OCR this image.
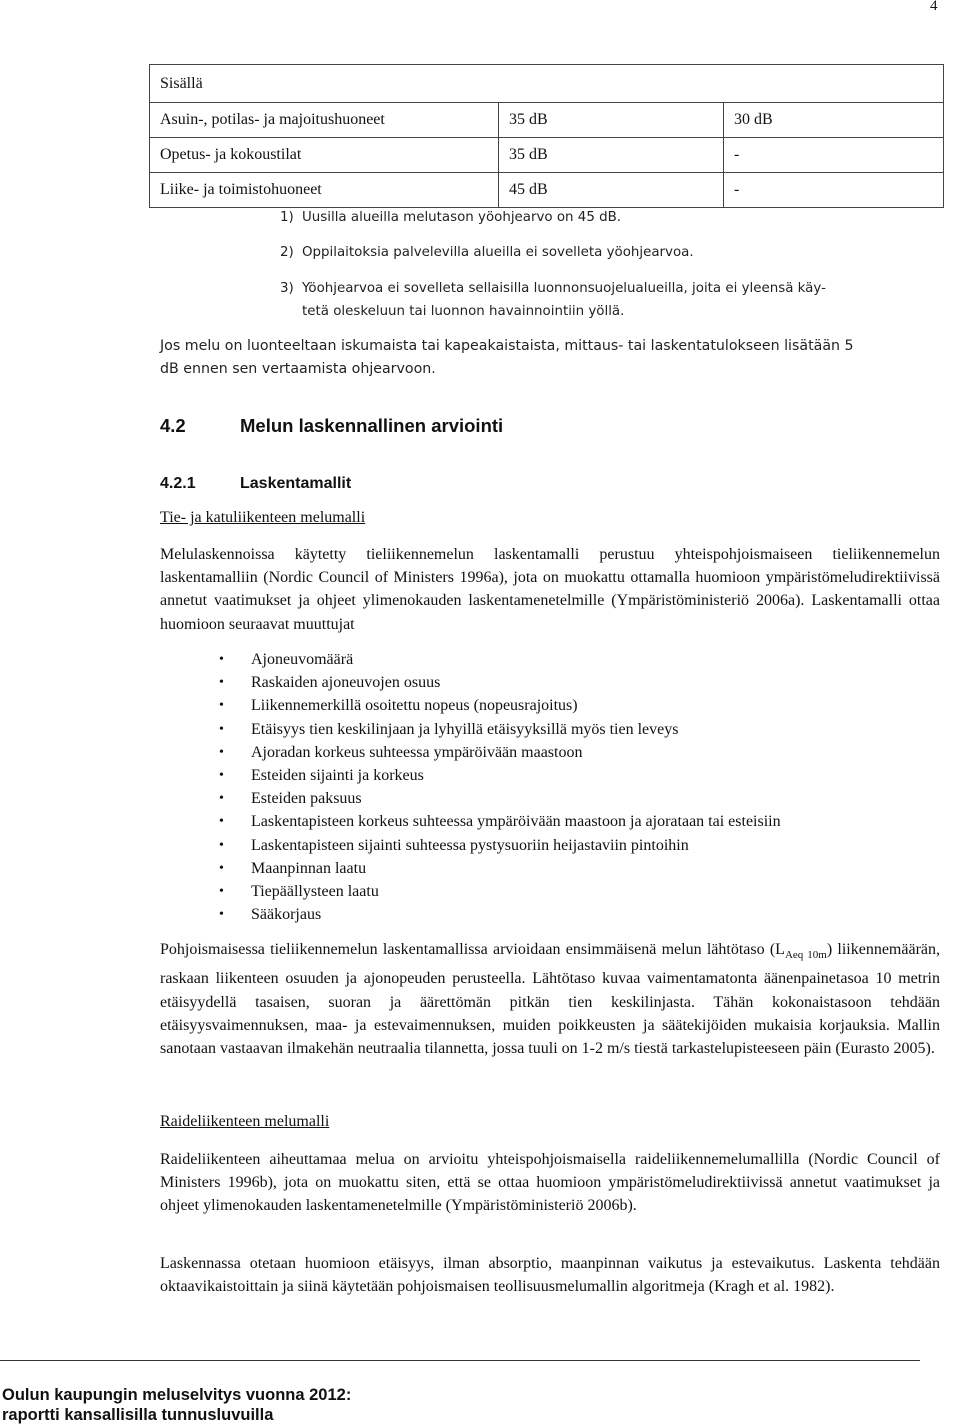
4
Sisällä		
Asuin-, potilas- ja majoitushuoneet	35 dB	30 dB
Opetus- ja kokoustilat	35 dB	-
Liike- ja toimistohuoneet	45 dB	-
1) Uusilla alueilla melutason yöohjearvo on 45 dB.
2) Oppilaitoksia palvelevilla alueilla ei sovelleta yöohjearvoa.
3) Yöohjearvoa ei sovelleta sellaisilla luonnonsuojelualueilla, joita ei yleensä käy-
tetä oleskeluun tai luonnon havainnointiin yöllä.
Jos melu on luonteeltaan iskumaista tai kapeakaistaista, mittaus- tai laskentatulokseen lisätään 5
dB ennen sen vertaamista ohjearvoon.
4.2	Melun laskennallinen arviointi
4.2.1	Laskentamallit
Tie- ja katuliikenteen melumalli
Melulaskennoissa käytetty tieliikennemelun laskentamalli perustuu yhteispohjoismaiseen tieliikennemelun laskentamalliin (Nordic Council of Ministers 1996a), jota on muokattu ottamalla huomioon ympäristömeludirektiivissä annetut vaatimukset ja ohjeet ylimenokauden laskentamenetelmille (Ympäristöministeriö 2006a). Laskentamalli ottaa huomioon seuraavat muuttujat
• Ajoneuvomäärä
• Raskaiden ajoneuvojen osuus
• Liikennemerkillä osoitettu nopeus (nopeusrajoitus)
• Etäisyys tien keskilinjaan ja lyhyillä etäisyyksillä myös tien leveys
• Ajoradan korkeus suhteessa ympäröivään maastoon
• Esteiden sijainti ja korkeus
• Esteiden paksuus
• Laskentapisteen korkeus suhteessa ympäröivään maastoon ja ajorataan tai esteisiin
• Laskentapisteen sijainti suhteessa pystysuoriin heijastaviin pintoihin
• Maanpinnan laatu
• Tiepäällysteen laatu
• Sääkorjaus
Pohjoismaisessa tieliikennemelun laskentamallissa arvioidaan ensimmäisenä melun lähtötaso $(L_{Aeq 10m})$ liikennemäärän, raskaan liikenteen osuuden ja ajonopeuden perusteella. Lähtötaso kuvaa vaimentamatonta äänenpainetasoa 10 metrin etäisyydellä tasaisen, suoran ja äärettömän pitkän tien keskilinjasta. Tähän kokonaistasoon tehdään etäisyysvaimennuksen, maa- ja estevaimennuksen, muiden poikkeusten ja säätekijöiden mukaisia korjauksia. Mallin sanotaan vastaavan ilmakehän neutraalia tilannetta, jossa tuuli on 1-2 m/s tiestä tarkastelupisteeseen päin (Eurasto 2005).
Raideliikenteen melumalli
Raideliikenteen aiheuttamaa melua on arvioitu yhteispohjoismaisella raideliikennemelumallilla (Nordic Council of Ministers 1996b), jota on muokattu siten, että se ottaa huomioon ympäristömeludirektiivissä annetut vaatimukset ja ohjeet ylimenokauden laskentamenetelmille (Ympäristöministeriö 2006b).
Laskennassa otetaan huomioon etäisyys, ilman absorptio, maanpinnan vaikutus ja estevaikutus. Laskenta tehdään oktaavikaistoittain ja siinä käytetään pohjoismaisen teollisuusmelumallin algoritmeja (Kragh et al. 1982).
Oulun kaupungin meluselvitys vuonna 2012:
raportti kansallisilla tunnusluvuilla
